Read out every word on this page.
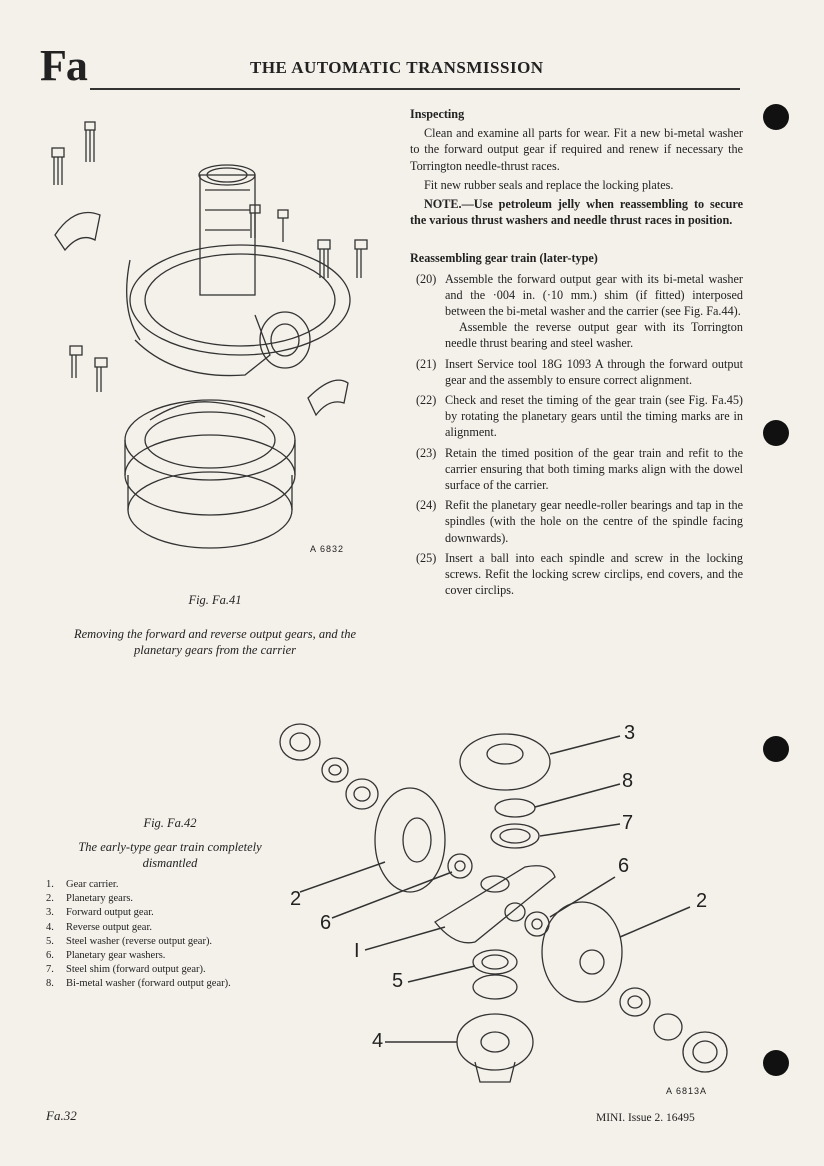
Fa	THE AUTOMATIC TRANSMISSION
Inspecting

Clean and examine all parts for wear. Fit a new bi-metal washer to the forward output gear if required and renew if necessary the Torrington needle-thrust races.

Fit new rubber seals and replace the locking plates.

NOTE.—Use petroleum jelly when reassembling to secure the various thrust washers and needle thrust races in position.

Reassembling gear train (later-type)
(20) Assemble the forward output gear with its bi-metal washer and the ·004 in. (·10 mm.) shim (if fitted) interposed between the bi-metal washer and the carrier (see Fig. Fa.44).
Assemble the reverse output gear with its Torrington needle thrust bearing and steel washer.
(21) Insert Service tool 18G 1093 A through the forward output gear and the assembly to ensure correct alignment.
(22) Check and reset the timing of the gear train (see Fig. Fa.45) by rotating the planetary gears until the timing marks are in alignment.
(23) Retain the timed position of the gear train and refit to the carrier ensuring that both timing marks align with the dowel surface of the carrier.
(24) Refit the planetary gear needle-roller bearings and tap in the spindles (with the hole on the centre of the spindle facing downwards).
(25) Insert a ball into each spindle and screw in the locking screws. Refit the locking screw circlips, end covers, and the cover circlips.
A 6832
Fig. Fa.41
Removing the forward and reverse output gears, and the planetary gears from the carrier
3
8
7
6
2
6
2
I
5
4
A 6813A
Fig. Fa.42
The early-type gear train completely dismantled
1. Gear carrier.
2. Planetary gears.
3. Forward output gear.
4. Reverse output gear.
5. Steel washer (reverse output gear).
6. Planetary gear washers.
7. Steel shim (forward output gear).
8. Bi-metal washer (forward output gear).
Fa.32	MINI. Issue 2. 16495
